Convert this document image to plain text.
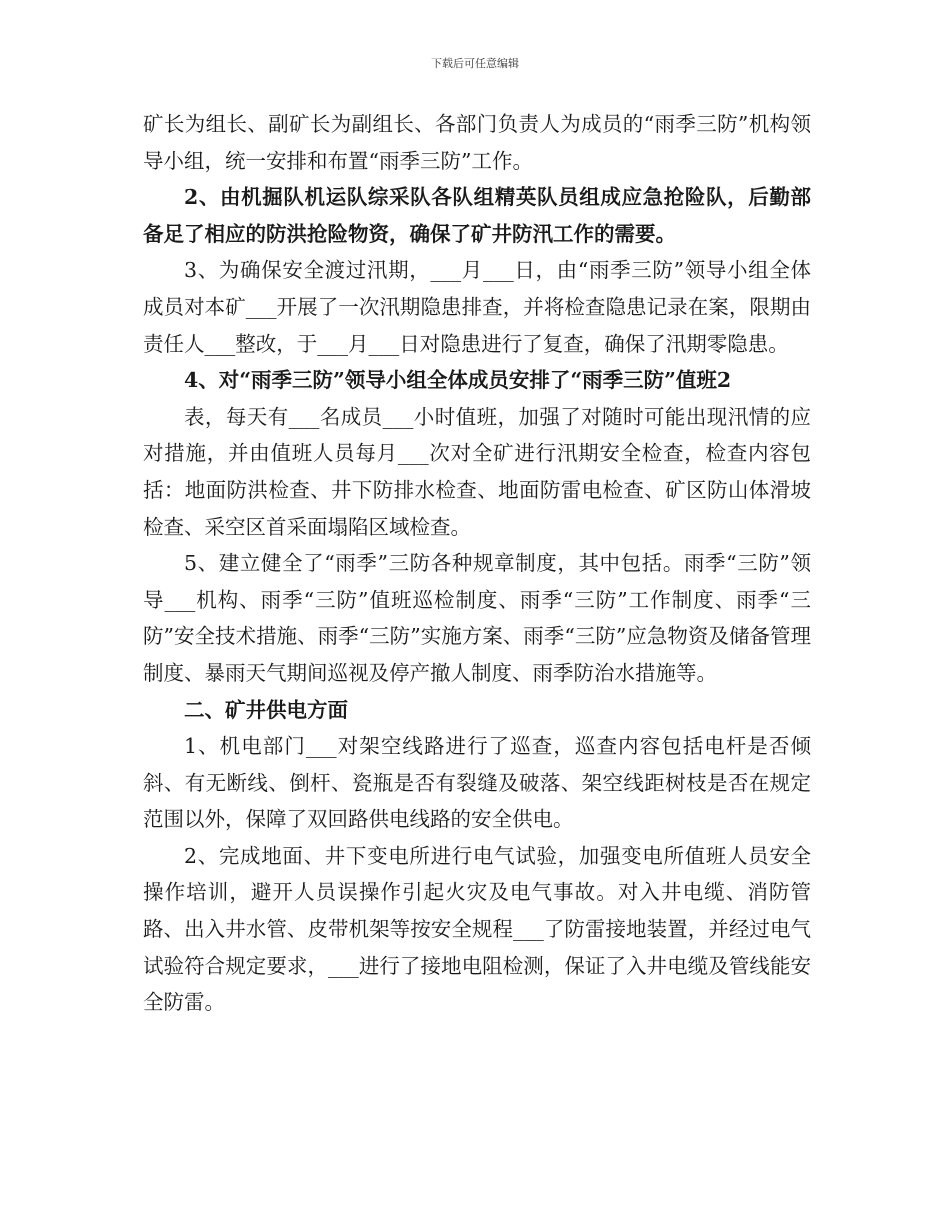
下载后可任意编辑

矿长为组长、副矿长为副组长、各部门负责人为成员的“雨季三防”机构领导小组，统一安排和布置“雨季三防”工作。

2、由机掘队机运队综采队各队组精英队员组成应急抢险队，后勤部备足了相应的防洪抢险物资，确保了矿井防汛工作的需要。

3、为确保安全渡过汛期，___月___日，由“雨季三防”领导小组全体成员对本矿___开展了一次汛期隐患排查，并将检查隐患记录在案，限期由责任人___整改，于___月___日对隐患进行了复查，确保了汛期零隐患。

4、对“雨季三防”领导小组全体成员安排了“雨季三防”值班2

表，每天有___名成员___小时值班，加强了对随时可能出现汛情的应对措施，并由值班人员每月___次对全矿进行汛期安全检查，检查内容包括：地面防洪检查、井下防排水检查、地面防雷电检查、矿区防山体滑坡检查、采空区首采面塌陷区域检查。

5、建立健全了“雨季”三防各种规章制度，其中包括。雨季“三防”领导___机构、雨季“三防”值班巡检制度、雨季“三防”工作制度、雨季“三防”安全技术措施、雨季“三防”实施方案、雨季“三防”应急物资及储备管理制度、暴雨天气期间巡视及停产撤人制度、雨季防治水措施等。

二、矿井供电方面

1、机电部门___对架空线路进行了巡查，巡查内容包括电杆是否倾斜、有无断线、倒杆、瓷瓶是否有裂缝及破落、架空线距树枝是否在规定范围以外，保障了双回路供电线路的安全供电。

2、完成地面、井下变电所进行电气试验，加强变电所值班人员安全操作培训，避开人员误操作引起火灾及电气事故。对入井电缆、消防管路、出入井水管、皮带机架等按安全规程___了防雷接地装置，并经过电气试验符合规定要求，___进行了接地电阻检测，保证了入井电缆及管线能安全防雷。
